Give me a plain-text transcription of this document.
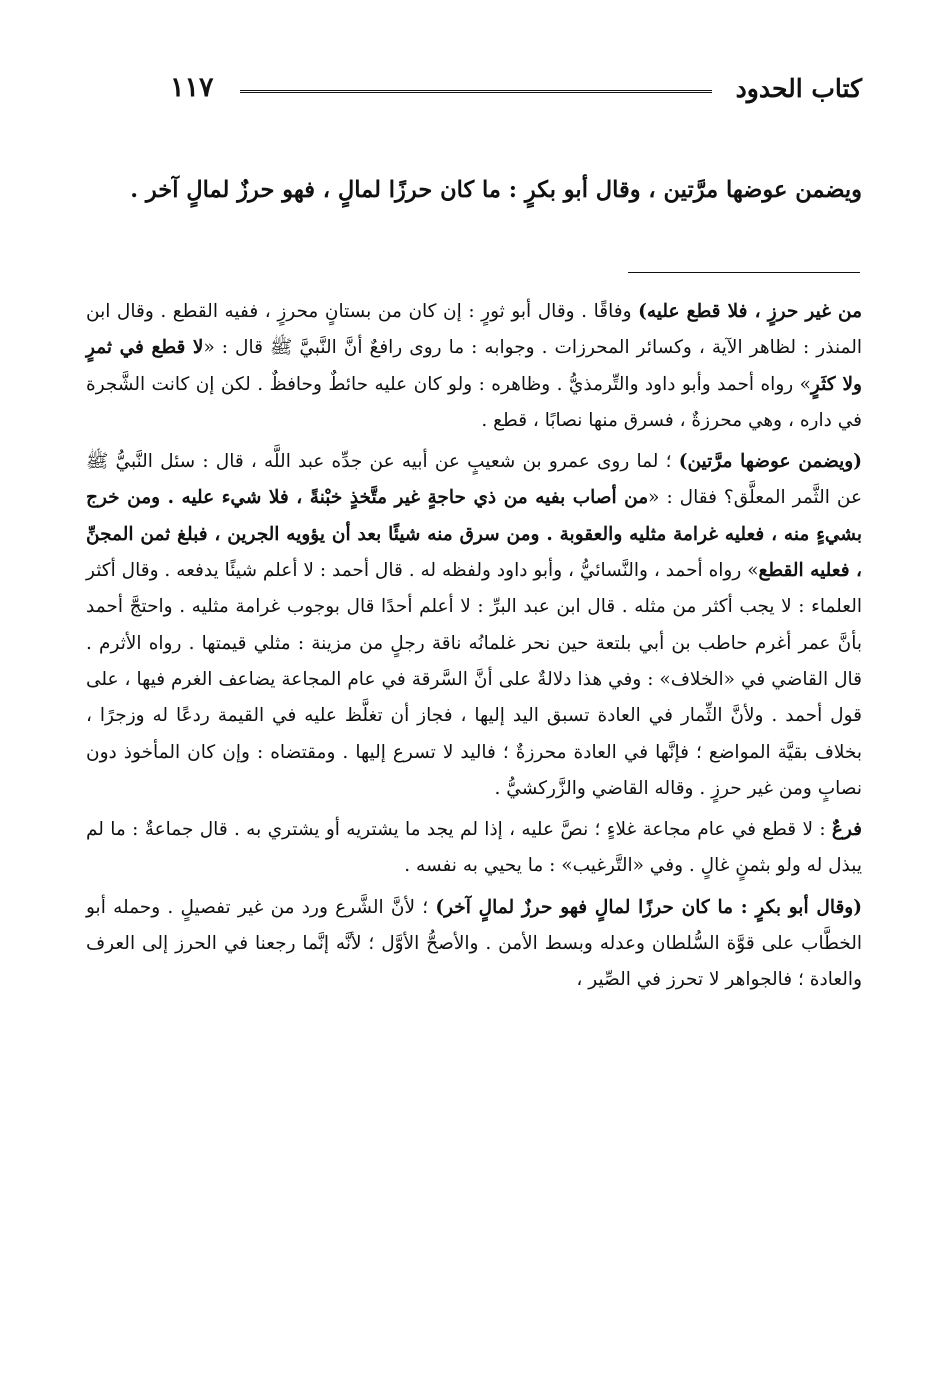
كتاب الحدود
١١٧
ويضمن عوضها مرَّتين ، وقال أبو بكرٍ : ما كان حرزًا لمالٍ ، فهو حرزٌ لمالٍ آخر .

من غير حرزٍ ، فلا قطع عليه) وفاقًا . وقال أبو ثورٍ : إن كان من بستانٍ محرزٍ ، ففيه القطع . وقال ابن المنذر : لظاهر الآية ، وكسائر المحرزات . وجوابه : ما روى رافعٌ أنَّ النَّبيَّ ﷺ قال : «لا قطع في ثمرٍ ولا كثَرٍ» رواه أحمد وأبو داود والتِّرمذيُّ . وظاهره : ولو كان عليه حائطٌ وحافظٌ . لكن إن كانت الشَّجرة في داره ، وهي محرزةٌ ، فسرق منها نصابًا ، قطع .

(ويضمن عوضها مرَّتين) ؛ لما روى عمرو بن شعيبٍ عن أبيه عن جدِّه عبد اللَّه ، قال : سئل النَّبيُّ ﷺ عن الثَّمر المعلَّق؟ فقال : «من أصاب بفيه من ذي حاجةٍ غير متَّخذٍ خبْنةً ، فلا شيء عليه . ومن خرج بشيءٍ منه ، فعليه غرامة مثليه والعقوبة . ومن سرق منه شيئًا بعد أن يؤويه الجرين ، فبلغ ثمن المجنِّ ، فعليه القطع» رواه أحمد ، والنَّسائيُّ ، وأبو داود ولفظه له . قال أحمد : لا أعلم شيئًا يدفعه . وقال أكثر العلماء : لا يجب أكثر من مثله . قال ابن عبد البرِّ : لا أعلم أحدًا قال بوجوب غرامة مثليه . واحتجَّ أحمد بأنَّ عمر أغرم حاطب بن أبي بلتعة حين نحر غلمانُه ناقة رجلٍ من مزينة : مثلي قيمتها . رواه الأثرم . قال القاضي في «الخلاف» : وفي هذا دلالةٌ على أنَّ السَّرقة في عام المجاعة يضاعف الغرم فيها ، على قول أحمد . ولأنَّ الثِّمار في العادة تسبق اليد إليها ، فجاز أن تغلَّظ عليه في القيمة ردعًا له وزجرًا ، بخلاف بقيَّة المواضع ؛ فإنَّها في العادة محرزةٌ ؛ فاليد لا تسرع إليها . ومقتضاه : وإن كان المأخوذ دون نصابٍ ومن غير حرزٍ . وقاله القاضي والزَّركشيُّ .

فرعٌ : لا قطع في عام مجاعة غلاءٍ ؛ نصَّ عليه ، إذا لم يجد ما يشتريه أو يشتري به . قال جماعةٌ : ما لم يبذل له ولو بثمنٍ غالٍ . وفي «التَّرغيب» : ما يحيي به نفسه .

(وقال أبو بكرٍ : ما كان حرزًا لمالٍ فهو حرزٌ لمالٍ آخر) ؛ لأنَّ الشَّرع ورد من غير تفصيلٍ . وحمله أبو الخطَّاب على قوَّة السُّلطان وعدله وبسط الأمن . والأصحُّ الأوَّل ؛ لأنَّه إنَّما رجعنا في الحرز إلى العرف والعادة ؛ فالجواهر لا تحرز في الصِّير ،
